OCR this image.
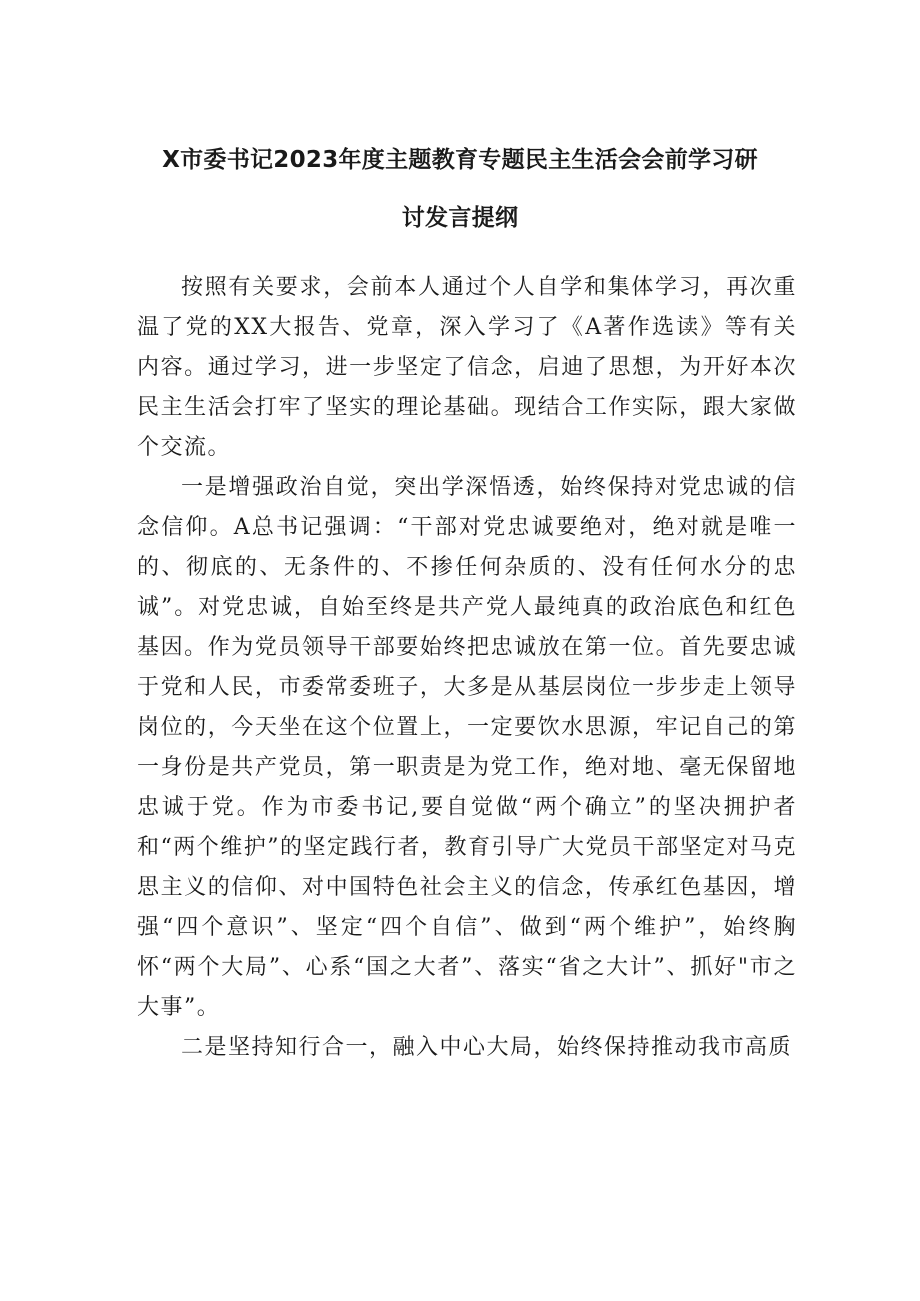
X市委书记2023年度主题教育专题民主生活会会前学习研
讨发言提纲

按照有关要求，会前本人通过个人自学和集体学习，再次重温了党的XX大报告、党章，深入学习了《A著作选读》等有关内容。通过学习，进一步坚定了信念，启迪了思想，为开好本次民主生活会打牢了坚实的理论基础。现结合工作实际，跟大家做个交流。

一是增强政治自觉，突出学深悟透，始终保持对党忠诚的信念信仰。A总书记强调：“干部对党忠诚要绝对，绝对就是唯一的、彻底的、无条件的、不掺任何杂质的、没有任何水分的忠诚”。对党忠诚，自始至终是共产党人最纯真的政治底色和红色基因。作为党员领导干部要始终把忠诚放在第一位。首先要忠诚于党和人民，市委常委班子，大多是从基层岗位一步步走上领导岗位的，今天坐在这个位置上，一定要饮水思源，牢记自己的第一身份是共产党员，第一职责是为党工作，绝对地、毫无保留地忠诚于党。作为市委书记,要自觉做“两个确立”的坚决拥护者和“两个维护”的坚定践行者，教育引导广大党员干部坚定对马克思主义的信仰、对中国特色社会主义的信念，传承红色基因，增强“四个意识”、坚定“四个自信”、做到“两个维护”，始终胸怀“两个大局”、心系“国之大者”、落实“省之大计”、抓好"市之大事”。

二是坚持知行合一，融入中心大局，始终保持推动我市高质
